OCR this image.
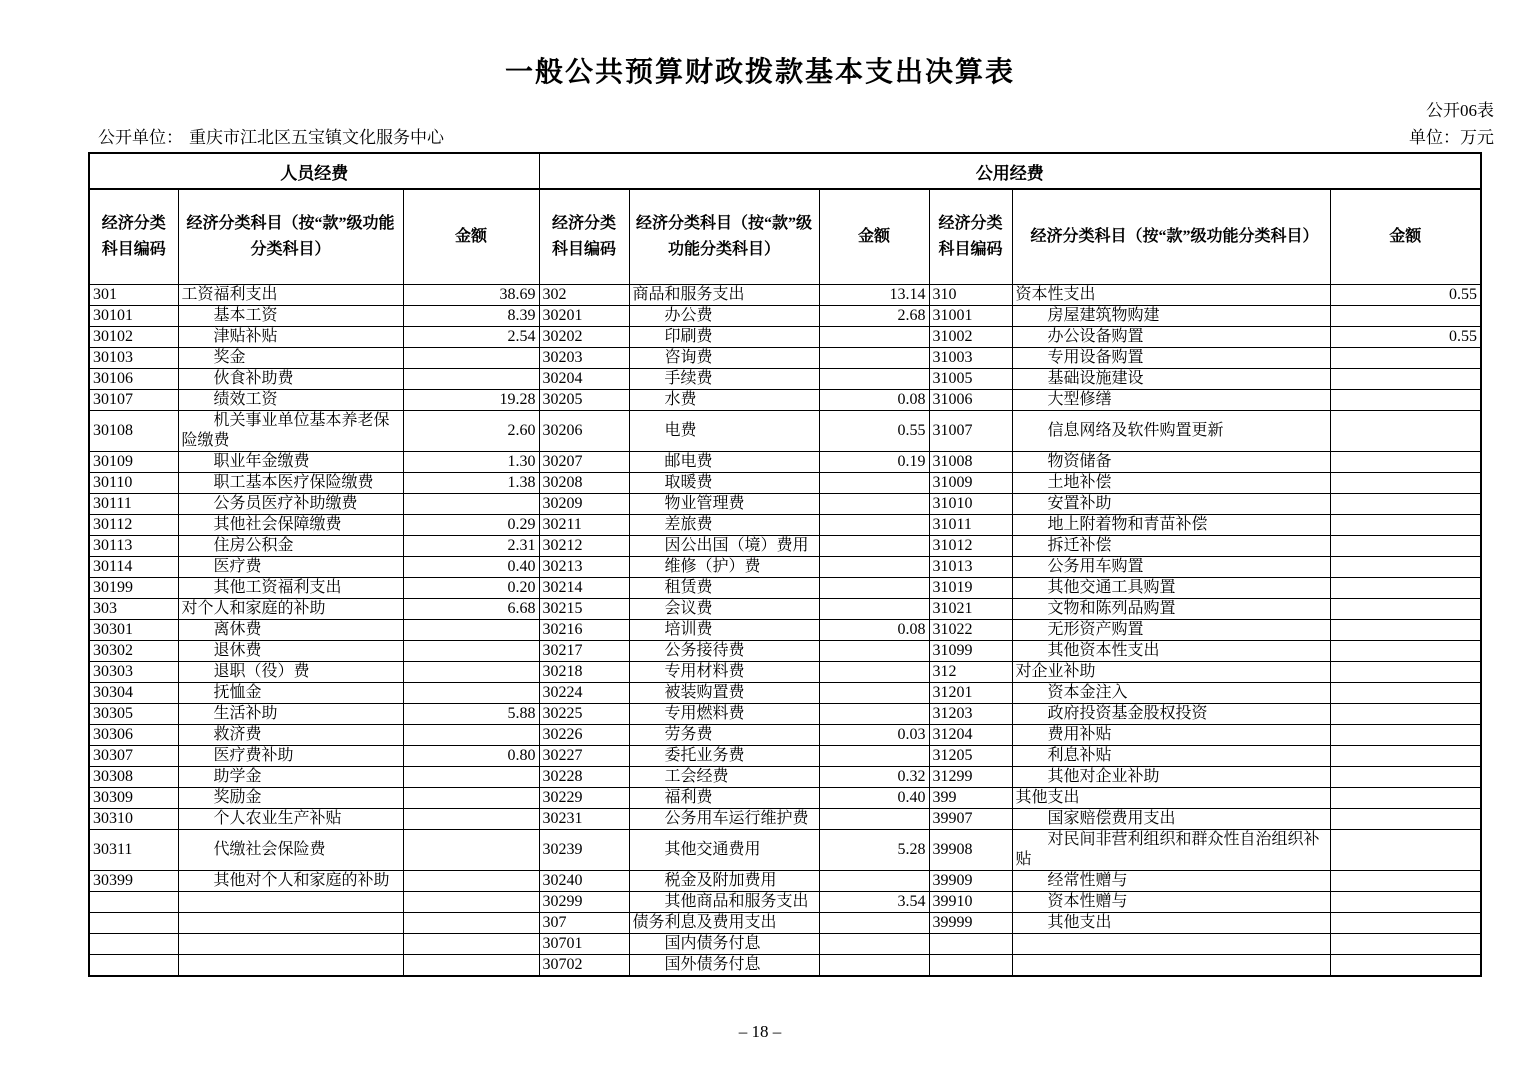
一般公共预算财政拨款基本支出决算表
公开06表
公开单位： 重庆市江北区五宝镇文化服务中心	单位：万元
人员经费			公用经费					
经济分类科目编码	经济分类科目（按“款”级功能分类科目）	金额	经济分类科目编码	经济分类科目（按“款”级功能分类科目）	金额	经济分类科目编码	经济分类科目（按“款”级功能分类科目）	金额
301	工资福利支出	38.69	302	商品和服务支出	13.14	310	资本性支出	0.55
30101	基本工资	8.39	30201	办公费	2.68	31001	房屋建筑物购建	
30102	津贴补贴	2.54	30202	印刷费		31002	办公设备购置	0.55
30103	奖金		30203	咨询费		31003	专用设备购置	
30106	伙食补助费		30204	手续费		31005	基础设施建设	
30107	绩效工资	19.28	30205	水费	0.08	31006	大型修缮	
30108	机关事业单位基本养老保险缴费	2.60	30206	电费	0.55	31007	信息网络及软件购置更新	
30109	职业年金缴费	1.30	30207	邮电费	0.19	31008	物资储备	
30110	职工基本医疗保险缴费	1.38	30208	取暖费		31009	土地补偿	
30111	公务员医疗补助缴费		30209	物业管理费		31010	安置补助	
30112	其他社会保障缴费	0.29	30211	差旅费		31011	地上附着物和青苗补偿	
30113	住房公积金	2.31	30212	因公出国（境）费用		31012	拆迁补偿	
30114	医疗费	0.40	30213	维修（护）费		31013	公务用车购置	
30199	其他工资福利支出	0.20	30214	租赁费		31019	其他交通工具购置	
303	对个人和家庭的补助	6.68	30215	会议费		31021	文物和陈列品购置	
30301	离休费		30216	培训费	0.08	31022	无形资产购置	
30302	退休费		30217	公务接待费		31099	其他资本性支出	
30303	退职（役）费		30218	专用材料费		312	对企业补助	
30304	抚恤金		30224	被装购置费		31201	资本金注入	
30305	生活补助	5.88	30225	专用燃料费		31203	政府投资基金股权投资	
30306	救济费		30226	劳务费	0.03	31204	费用补贴	
30307	医疗费补助	0.80	30227	委托业务费		31205	利息补贴	
30308	助学金		30228	工会经费	0.32	31299	其他对企业补助	
30309	奖励金		30229	福利费	0.40	399	其他支出	
30310	个人农业生产补贴		30231	公务用车运行维护费		39907	国家赔偿费用支出	
30311	代缴社会保险费		30239	其他交通费用	5.28	39908	对民间非营利组织和群众性自治组织补贴	
30399	其他对个人和家庭的补助		30240	税金及附加费用		39909	经常性赠与	
			30299	其他商品和服务支出	3.54	39910	资本性赠与	
			307	债务利息及费用支出		39999	其他支出	
			30701	国内债务付息				
			30702	国外债务付息				
– 18 –
